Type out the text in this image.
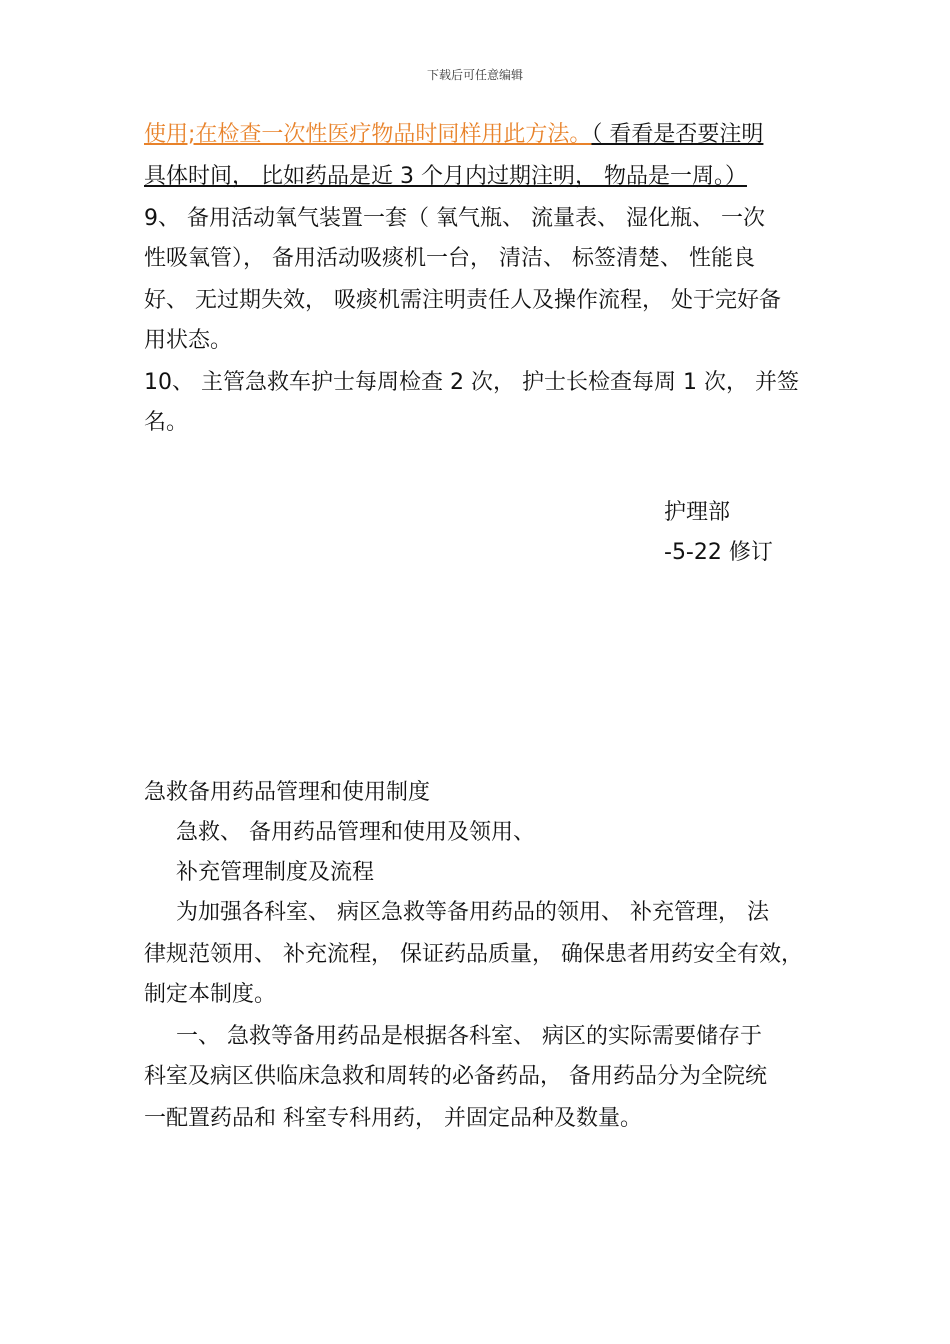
下载后可任意编辑
使用;在检查一次性医疗物品时同样用此方法。（ 看看是否要注明
具体时间， 比如药品是近 3 个月内过期注明， 物品是一周。）
9、 备用活动氧气装置一套（ 氧气瓶、 流量表、 湿化瓶、 一次
性吸氧管）， 备用活动吸痰机一台， 清洁、 标签清楚、 性能良
好、 无过期失效， 吸痰机需注明责任人及操作流程， 处于完好备
用状态。
10、 主管急救车护士每周检查 2 次， 护士长检查每周 1 次， 并签
名。
护理部
-5-22 修订
急救备用药品管理和使用制度
急救、 备用药品管理和使用及领用、
补充管理制度及流程
为加强各科室、 病区急救等备用药品的领用、 补充管理， 法
律规范领用、 补充流程， 保证药品质量， 确保患者用药安全有效，
制定本制度。
一、 急救等备用药品是根据各科室、 病区的实际需要储存于
科室及病区供临床急救和周转的必备药品， 备用药品分为全院统
一配置药品和 科室专科用药， 并固定品种及数量。
